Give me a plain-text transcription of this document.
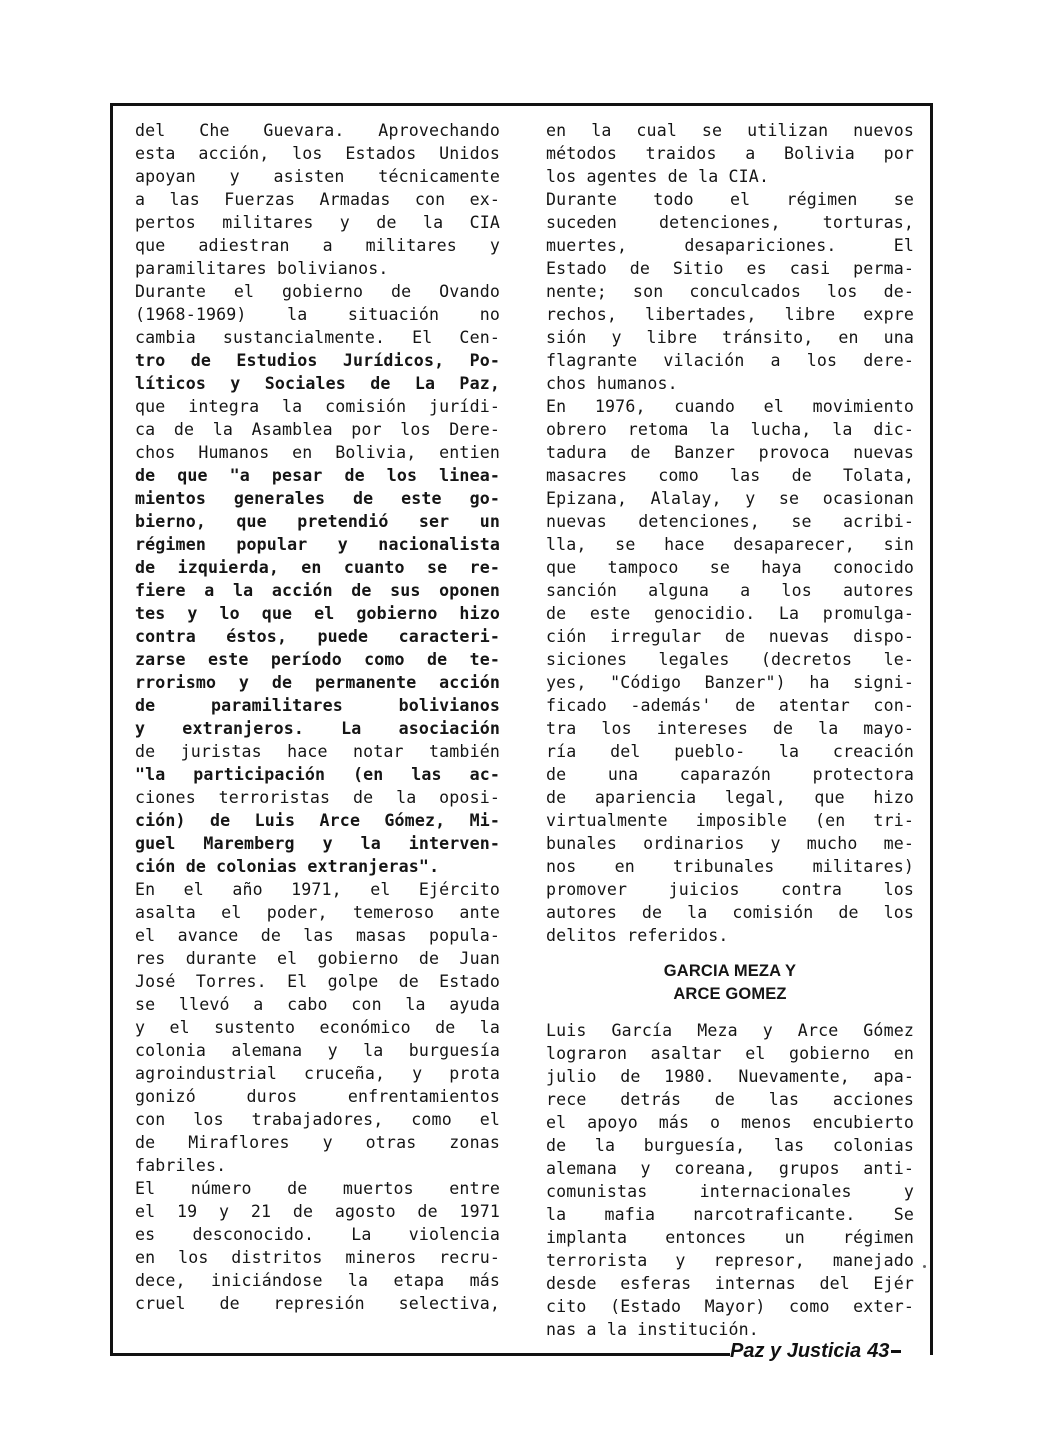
del Che Guevara. Aprovechando
esta acción, los Estados Unidos
apoyan y asisten técnicamente
a las Fuerzas Armadas con ex-
pertos militares y de la CIA
que adiestran a militares y
paramilitares bolivianos.
Durante el gobierno de Ovando
(1968-1969) la situación no
cambia sustancialmente. El Cen-
tro de Estudios Jurídicos, Po-
líticos y Sociales de La Paz,
que integra la comisión jurídi-
ca de la Asamblea por los Dere-
chos Humanos en Bolivia, entien
de que "a pesar de los linea-
mientos generales de este go-
bierno, que pretendió ser un
régimen popular y nacionalista
de izquierda, en cuanto se re-
fiere a la acción de sus oponen
tes y lo que el gobierno hizo
contra éstos, puede caracteri-
zarse este período como de te-
rrorismo y de permanente acción
de paramilitares bolivianos
y extranjeros. La asociación
de juristas hace notar también
"la participación (en las ac-
ciones terroristas de la oposi-
ción) de Luis Arce Gómez, Mi-
guel Maremberg y la interven-
ción de colonias extranjeras".
En el año 1971, el Ejército
asalta el poder, temeroso ante
el avance de las masas popula-
res durante el gobierno de Juan
José Torres. El golpe de Estado
se llevó a cabo con la ayuda
y el sustento económico de la
colonia alemana y la burguesía
agroindustrial cruceña, y prota
gonizó duros enfrentamientos
con los trabajadores, como el
de Miraflores y otras zonas
fabriles.
El número de muertos entre
el 19 y 21 de agosto de 1971
es desconocido. La violencia
en los distritos mineros recru-
dece, iniciándose la etapa más
cruel de represión selectiva,
en la cual se utilizan nuevos
métodos traidos a Bolivia por
los agentes de la CIA.
Durante todo el régimen se
suceden detenciones, torturas,
muertes, desapariciones. El
Estado de Sitio es casi perma-
nente; son conculcados los de-
rechos, libertades, libre expre
sión y libre tránsito, en una
flagrante vilación a los dere-
chos humanos.
En 1976, cuando el movimiento
obrero retoma la lucha, la dic-
tadura de Banzer provoca nuevas
masacres como las de Tolata,
Epizana, Alalay, y se ocasionan
nuevas detenciones, se acribi-
lla, se hace desaparecer, sin
que tampoco se haya conocido
sanción alguna a los autores
de este genocidio. La promulga-
ción irregular de nuevas dispo-
siciones legales (decretos le-
yes, "Código Banzer") ha signi-
ficado -además' de atentar con-
tra los intereses de la mayo-
ría del pueblo- la creación
de una caparazón protectora
de apariencia legal, que hizo
virtualmente imposible (en tri-
bunales ordinarios y mucho me-
nos en tribunales militares)
promover juicios contra los
autores de la comisión de los
delitos referidos.
GARCIA MEZA Y
ARCE GOMEZ
Luis García Meza y Arce Gómez
lograron asaltar el gobierno en
julio de 1980. Nuevamente, apa-
rece detrás de las acciones
el apoyo más o menos encubierto
de la burguesía, las colonias
alemana y coreana, grupos anti-
comunistas internacionales y
la mafia narcotraficante. Se
implanta entonces un régimen
terrorista y represor, manejado
desde esferas internas del Ejér
cito (Estado Mayor) como exter-
nas a la institución.
Paz y Justicia 43
